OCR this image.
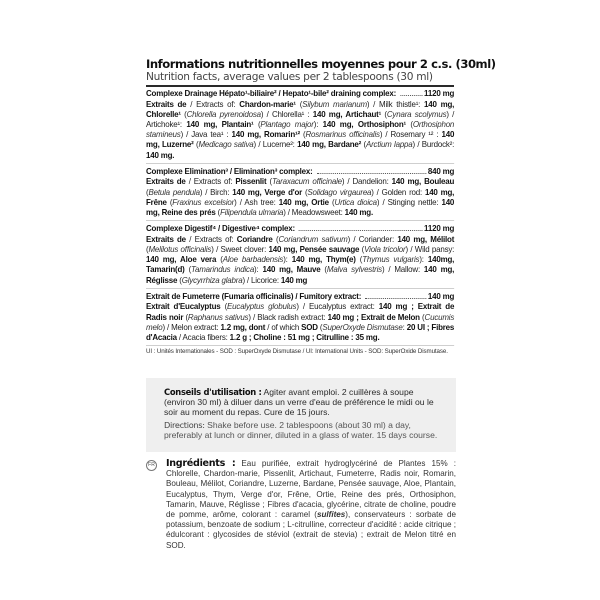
Informations nutritionnelles moyennes pour 2 c.s. (30ml)
Nutrition facts, average values per 2 tablespoons (30 ml)
Complexe Drainage Hépato¹-biliaire² / Hepato¹-bile² draining complex:	1120 mg
Extraits de / Extracts of: Chardon-marie¹ (Silybum marianum) / Milk thistle¹: 140 mg, Chlorelle¹ (Chlorella pyrenoidosa) / Chlorella¹ : 140 mg, Artichaut¹ (Cynara scolymus) / Artichoke¹: 140 mg, Plantain¹ (Plantago major): 140 mg, Orthosiphon¹ (Orthosiphon stamineus) / Java tea¹ : 140 mg, Romarin¹² (Rosmarinus officinalis) / Rosemary ¹² : 140 mg, Luzerne² (Medicago sativa) / Lucerne²: 140 mg, Bardane² (Arctium lappa) / Burdock²: 140 mg.
Complexe Elimination³ / Elimination³ complex:	840 mg
Extraits de / Extracts of: Pissenlit (Taraxacum officinale) / Dandelion: 140 mg, Bouleau (Betula pendula) / Birch: 140 mg, Verge d'or (Solidago virgaurea) / Golden rod: 140 mg, Frêne (Fraxinus excelsior) / Ash tree: 140 mg, Ortie (Urtica dioica) / Stinging nettle: 140 mg, Reine des prés (Filipendula ulmaria) / Meadowsweet: 140 mg.
Complexe Digestif⁴ / Digestive⁴ complex:	1120 mg
Extraits de / Extracts of: Coriandre (Coriandrum sativum) / Coriander: 140 mg, Mélilot (Melilotus officinalis) / Sweet clover: 140 mg, Pensée sauvage (Viola tricolor) / Wild pansy: 140 mg, Aloe vera (Aloe barbadensis): 140 mg, Thym(e) (Thymus vulgaris): 140mg, Tamarin(d) (Tamarindus indica): 140 mg, Mauve (Malva sylvestris) / Mallow: 140 mg, Réglisse (Glycyrrhiza glabra) / Licorice: 140 mg
Extrait de Fumeterre (Fumaria officinalis) / Fumitory extract:	140 mg
Extrait d'Eucalyptus (Eucalyptus globulus) / Eucalyptus extract: 140 mg ; Extrait de Radis noir (Raphanus sativus) / Black radish extract: 140 mg ; Extrait de Melon (Cucumis melo) / Melon extract: 1.2 mg, dont / of which SOD (SuperOxyde Dismutase: 20 UI ; Fibres d'Acacia / Acacia fibers: 1.2 g ; Choline : 51 mg ; Citrulline : 35 mg.
UI : Unités Internationales - SOD : SuperOxyde Dismutase / UI: International Units - SOD: SuperOxide Dismutase.
Conseils d'utilisation : Agiter avant emploi. 2 cuillères à soupe (environ 30 ml) à diluer dans un verre d'eau de préférence le midi ou le soir au moment du repas. Cure de 15 jours.
Directions: Shake before use. 2 tablespoons (about 30 ml) a day, preferably at lunch or dinner, diluted in a glass of water. 15 days course.
FR Ingrédients : Eau purifiée, extrait hydroglycériné de Plantes 15% : Chlorelle, Chardon-marie, Pissenlit, Artichaut, Fumeterre, Radis noir, Romarin, Bouleau, Mélilot, Coriandre, Luzerne, Bardane, Pensée sauvage, Aloe, Plantain, Eucalyptus, Thym, Verge d'or, Frêne, Ortie, Reine des prés, Orthosiphon, Tamarin, Mauve, Réglisse ; Fibres d'acacia, glycérine, citrate de choline, poudre de pomme, arôme, colorant : caramel (sulfites), conservateurs : sorbate de potassium, benzoate de sodium ; L-citrulline, correcteur d'acidité : acide citrique ; édulcorant : glycosides de stéviol (extrait de stevia) ; extrait de Melon titré en SOD.
